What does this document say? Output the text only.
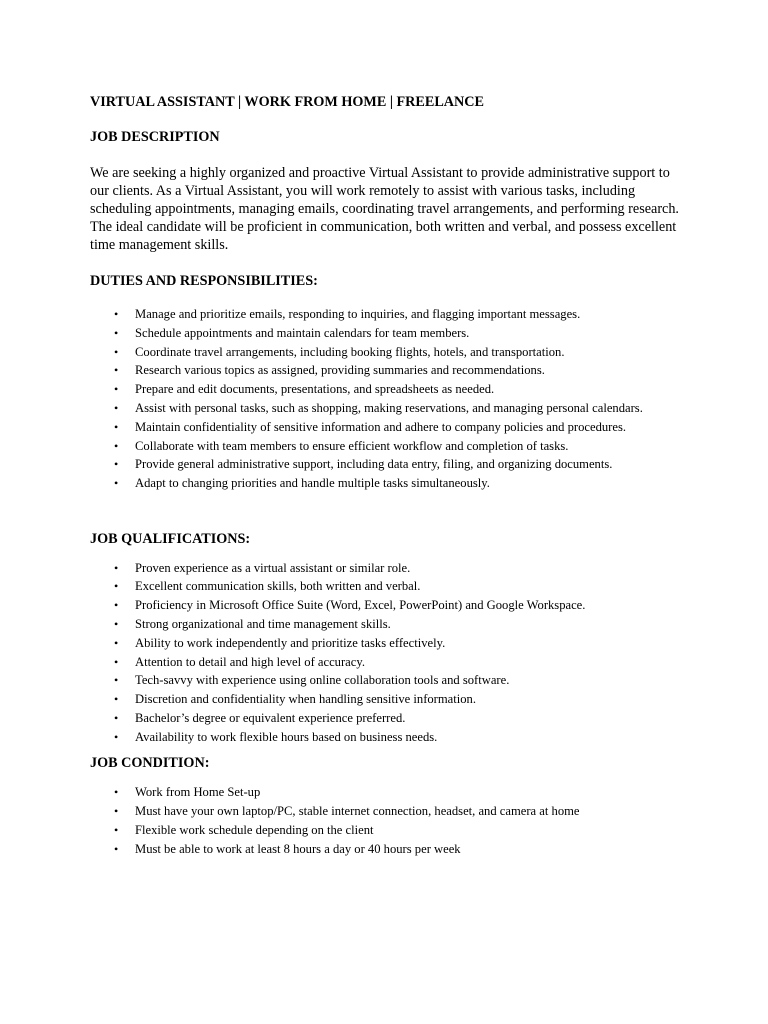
VIRTUAL ASSISTANT | WORK FROM HOME | FREELANCE

JOB DESCRIPTION

We are seeking a highly organized and proactive Virtual Assistant to provide administrative support to our clients. As a Virtual Assistant, you will work remotely to assist with various tasks, including scheduling appointments, managing emails, coordinating travel arrangements, and performing research. The ideal candidate will be proficient in communication, both written and verbal, and possess excellent time management skills.

DUTIES AND RESPONSIBILITIES:

• Manage and prioritize emails, responding to inquiries, and flagging important messages.
• Schedule appointments and maintain calendars for team members.
• Coordinate travel arrangements, including booking flights, hotels, and transportation.
• Research various topics as assigned, providing summaries and recommendations.
• Prepare and edit documents, presentations, and spreadsheets as needed.
• Assist with personal tasks, such as shopping, making reservations, and managing personal calendars.
• Maintain confidentiality of sensitive information and adhere to company policies and procedures.
• Collaborate with team members to ensure efficient workflow and completion of tasks.
• Provide general administrative support, including data entry, filing, and organizing documents.
• Adapt to changing priorities and handle multiple tasks simultaneously.

JOB QUALIFICATIONS:

• Proven experience as a virtual assistant or similar role.
• Excellent communication skills, both written and verbal.
• Proficiency in Microsoft Office Suite (Word, Excel, PowerPoint) and Google Workspace.
• Strong organizational and time management skills.
• Ability to work independently and prioritize tasks effectively.
• Attention to detail and high level of accuracy.
• Tech-savvy with experience using online collaboration tools and software.
• Discretion and confidentiality when handling sensitive information.
• Bachelor’s degree or equivalent experience preferred.
• Availability to work flexible hours based on business needs.

JOB CONDITION:

• Work from Home Set-up
• Must have your own laptop/PC, stable internet connection, headset, and camera at home
• Flexible work schedule depending on the client
• Must be able to work at least 8 hours a day or 40 hours per week
